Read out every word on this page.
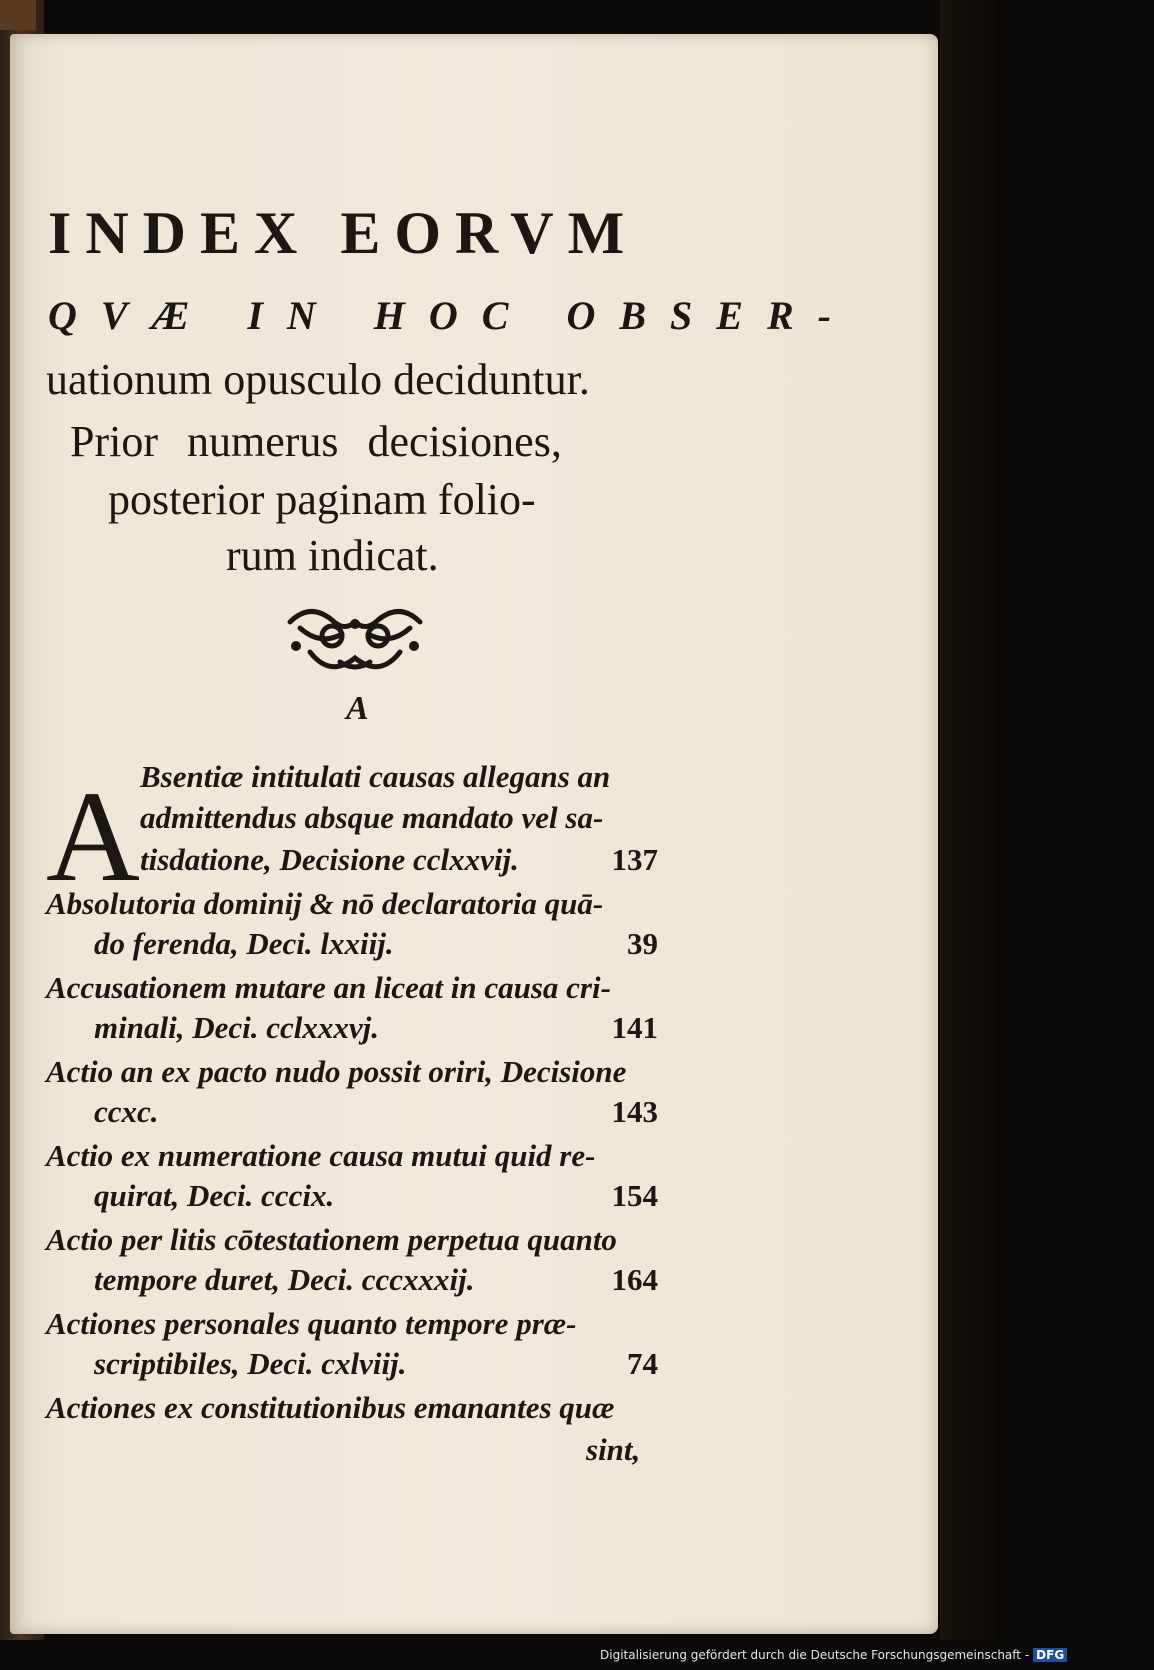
INDEX EORVM
QVÆ IN HOC OBSER-
uationum opusculo deciduntur.
Prior numerus decisiones,
posterior paginam folio-
rum indicat.
A
A Bsentiæ intitulati causas allegans an
admittendus absque mandato vel sa-
tisdatione, Decisione cclxxvij.	137
Absolutoria dominij & nō declaratoria quā-
do ferenda, Deci. lxxiij.	39
Accusationem mutare an liceat in causa cri-
minali, Deci. cclxxxvj.	141
Actio an ex pacto nudo possit oriri, Decisione
ccxc.	143
Actio ex numeratione causa mutui quid re-
quirat, Deci. cccix.	154
Actio per litis cōtestationem perpetua quanto
tempore duret, Deci. cccxxxij.	164
Actiones personales quanto tempore præ-
scriptibiles, Deci. cxlviij.	74
Actiones ex constitutionibus emanantes quæ
sint,
Digitalisierung gefördert durch die Deutsche Forschungsgemeinschaft - DFG
